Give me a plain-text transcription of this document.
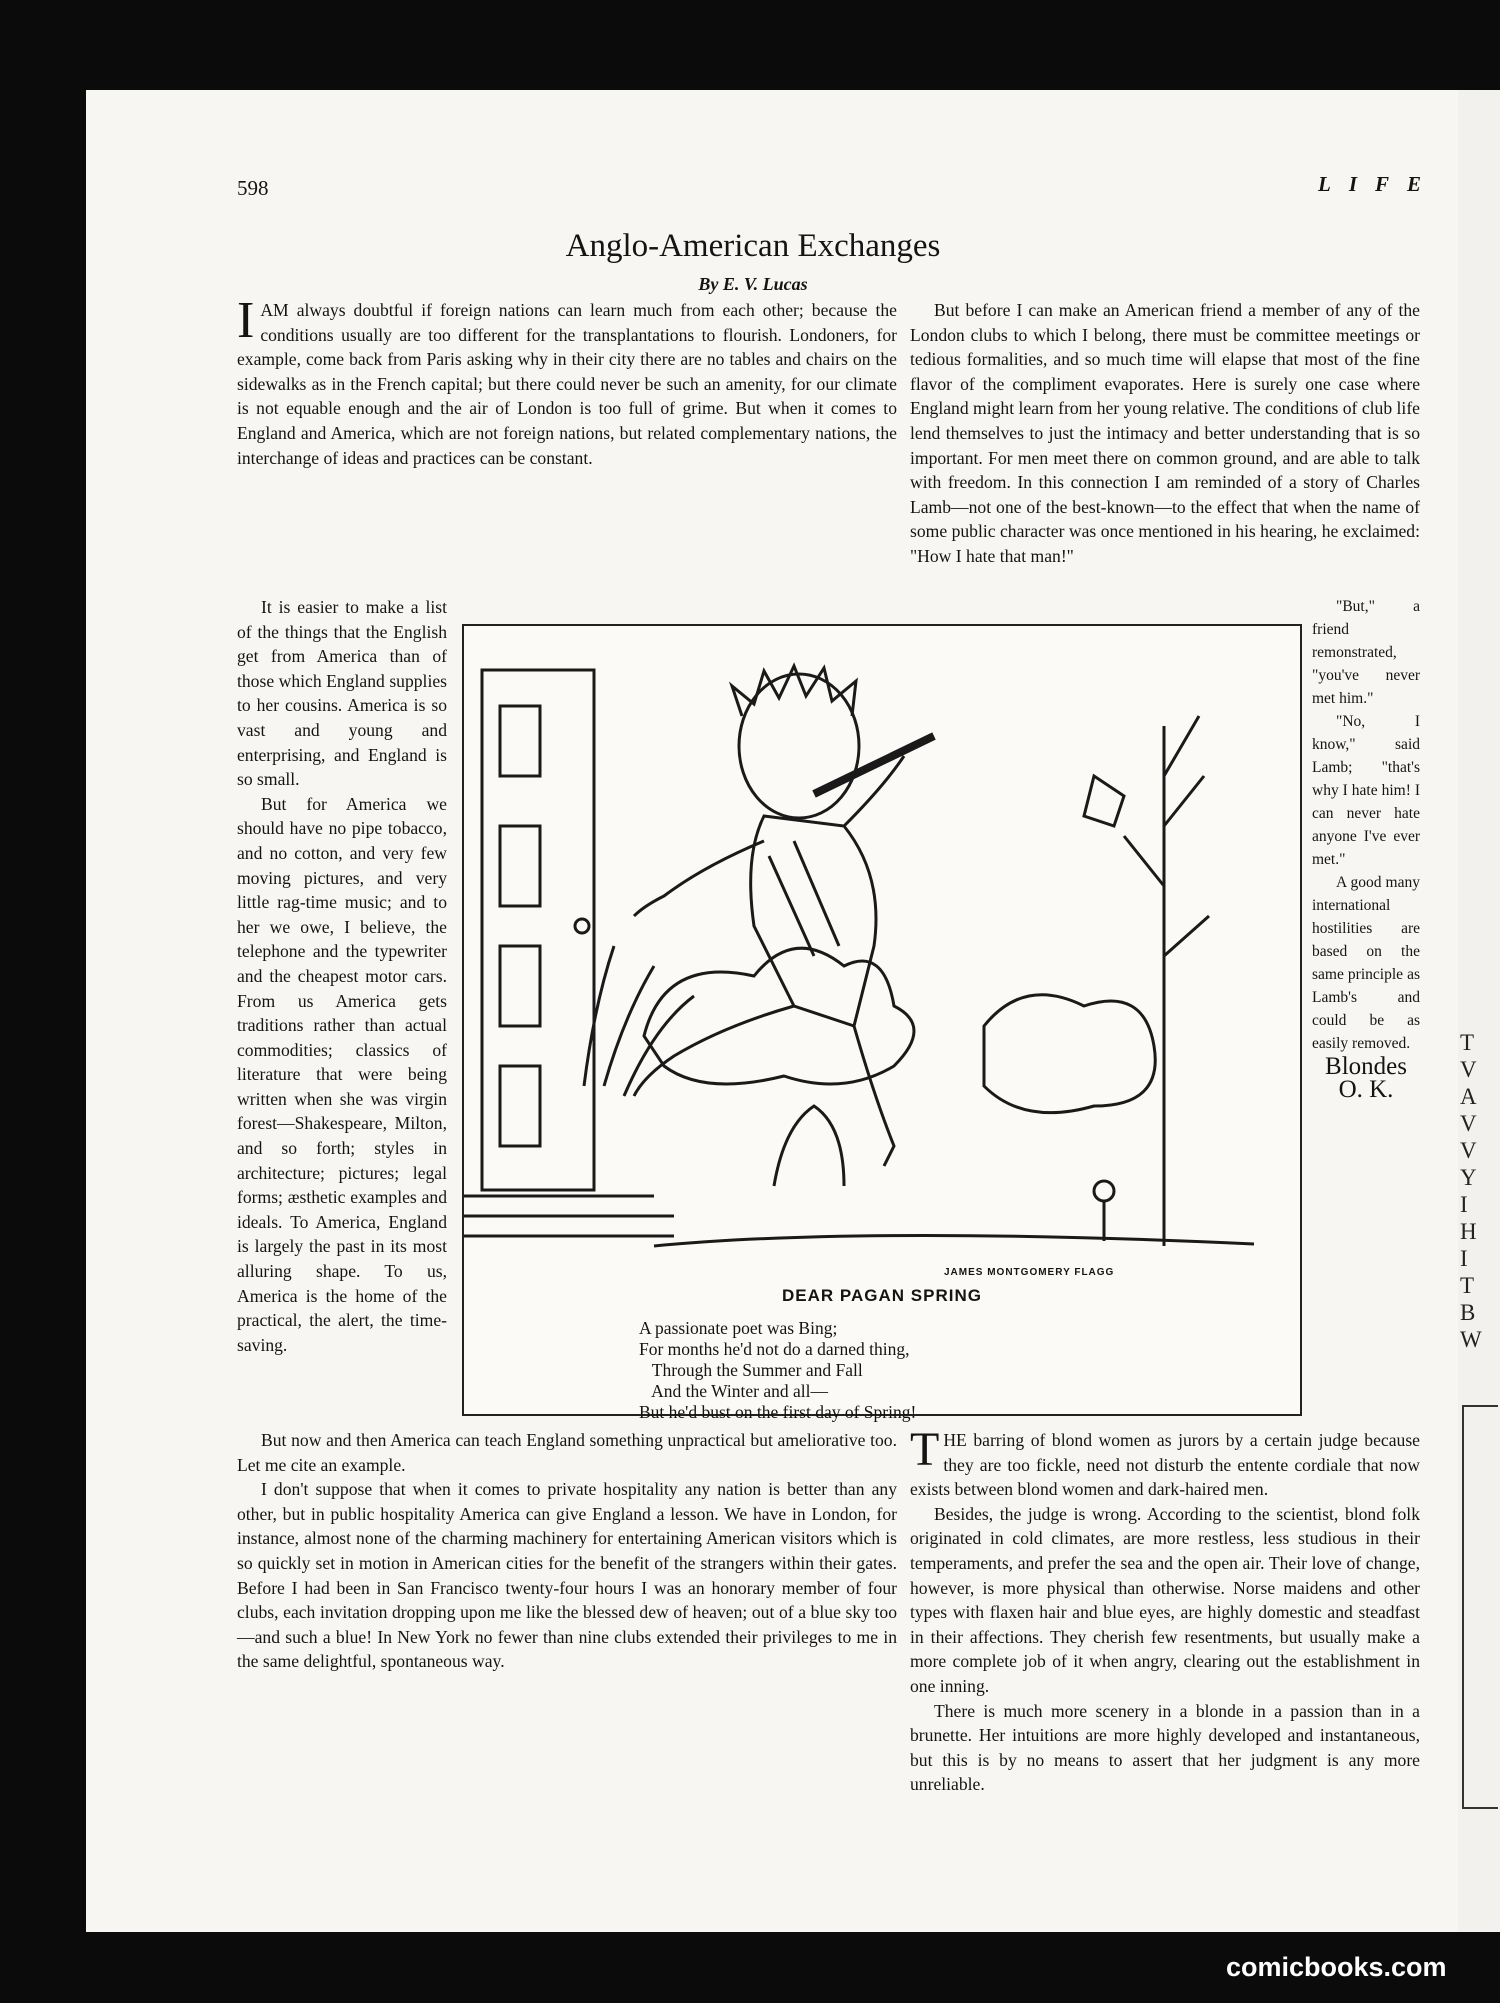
598	LIFE
Anglo-American Exchanges
By E. V. Lucas

IAM always doubtful if foreign nations can learn much from each other; because the conditions usually are too different for the transplantations to flourish. Londoners, for example, come back from Paris asking why in their city there are no tables and chairs on the sidewalks as in the French capital; but there could never be such an amenity, for our climate is not equable enough and the air of London is too full of grime. But when it comes to England and America, which are not foreign nations, but related complementary nations, the interchange of ideas and practices can be constant.

It is easier to make a list of the things that the English get from America than of those which England supplies to her cousins. America is so vast and young and enterprising, and England is so small.

But for America we should have no pipe tobacco, and no cotton, and very few moving pictures, and very little rag-time music; and to her we owe, I believe, the telephone and the typewriter and the cheapest motor cars. From us America gets traditions rather than actual commodities; classics of literature that were being written when she was virgin forest—Shakespeare, Milton, and so forth; styles in architecture; pictures; legal forms; æsthetic examples and ideals. To America, England is largely the past in its most alluring shape. To us, America is the home of the practical, the alert, the time-saving.

JAMES MONTGOMERY FLAGG
DEAR PAGAN SPRING
A passionate poet was Bing;
For months he'd not do a darned thing,
Through the Summer and Fall
And the Winter and all—
But he'd bust on the first day of Spring!

But now and then America can teach England something unpractical but ameliorative too. Let me cite an example.

I don't suppose that when it comes to private hospitality any nation is better than any other, but in public hospitality America can give England a lesson. We have in London, for instance, almost none of the charming machinery for entertaining American visitors which is so quickly set in motion in American cities for the benefit of the strangers within their gates. Before I had been in San Francisco twenty-four hours I was an honorary member of four clubs, each invitation dropping upon me like the blessed dew of heaven; out of a blue sky too—and such a blue! In New York no fewer than nine clubs extended their privileges to me in the same delightful, spontaneous way.

But before I can make an American friend a member of any of the London clubs to which I belong, there must be committee meetings or tedious formalities, and so much time will elapse that most of the fine flavor of the compliment evaporates. Here is surely one case where England might learn from her young relative. The conditions of club life lend themselves to just the intimacy and better understanding that is so important. For men meet there on common ground, and are able to talk with freedom. In this connection I am reminded of a story of Charles Lamb—not one of the best-known—to the effect that when the name of some public character was once mentioned in his hearing, he exclaimed: "How I hate that man!"

"But," a friend remonstrated, "you've never met him."

"No, I know," said Lamb; "that's why I hate him! I can never hate anyone I've ever met."

A good many international hostilities are based on the same principle as Lamb's and could be as easily removed.

Blondes O. K.

THE barring of blond women as jurors by a certain judge because they are too fickle, need not disturb the entente cordiale that now exists between blond women and dark-haired men.

Besides, the judge is wrong. According to the scientist, blond folk originated in cold climates, are more restless, less studious in their temperaments, and prefer the sea and the open air. Their love of change, however, is more physical than otherwise. Norse maidens and other types with flaxen hair and blue eyes, are highly domestic and steadfast in their affections. They cherish few resentments, but usually make a more complete job of it when angry, clearing out the establishment in one inning.

There is much more scenery in a blonde in a passion than in a brunette. Her intuitions are more highly developed and instantaneous, but this is by no means to assert that her judgment is any more unreliable.

T
V
A
V
V
Y
I
H
I
T
B
W
comicbooks.com
